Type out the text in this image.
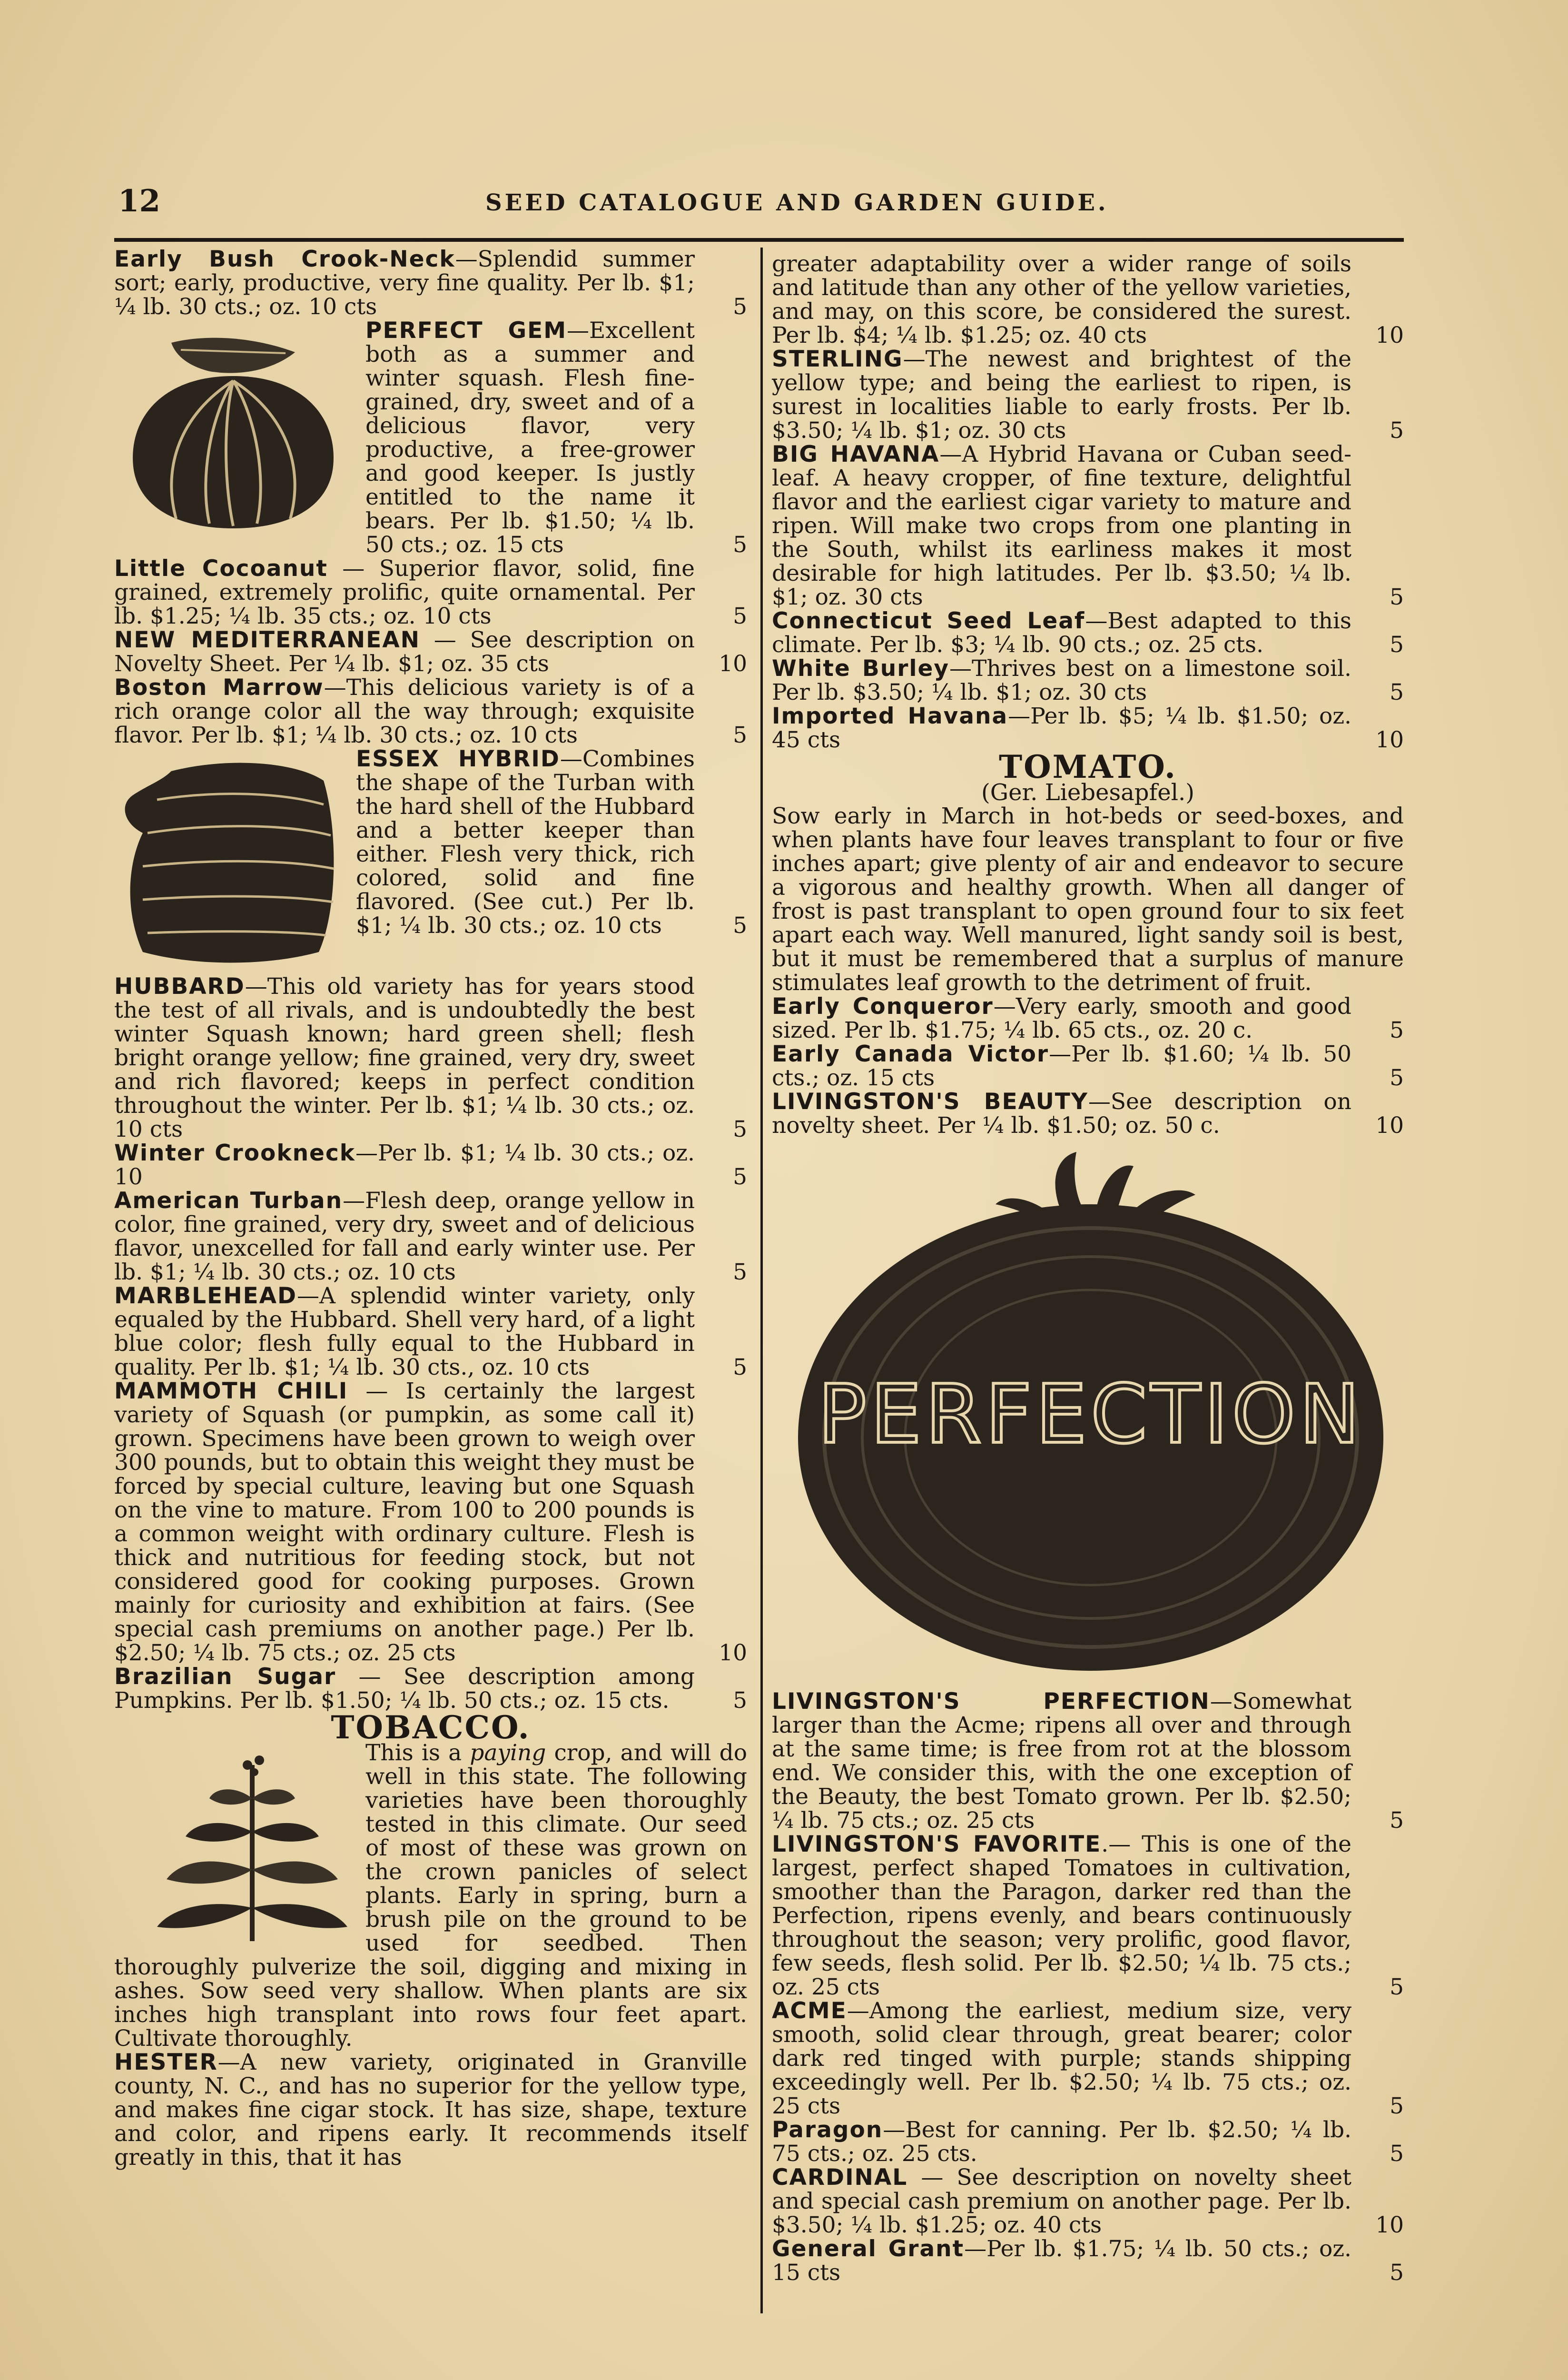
12	SEED CATALOGUE AND GARDEN GUIDE.

Early Bush Crook-Neck—Splendid summer sort; early, productive, very fine quality. Per lb. $1; ¼ lb. 30 cts.; oz. 10 cts	5

PERFECT GEM—Excellent both as a summer and winter squash. Flesh fine-grained, dry, sweet and of a delicious flavor, very productive, a free-grower and good keeper. Is justly entitled to the name it bears. Per lb. $1.50; ¼ lb. 50 cts.; oz. 15 cts	5

Little Cocoanut — Superior flavor, solid, fine grained, extremely prolific, quite ornamental. Per lb. $1.25; ¼ lb. 35 cts.; oz. 10 cts	5

NEW MEDITERRANEAN — See description on Novelty Sheet. Per ¼ lb. $1; oz. 35 cts	10

Boston Marrow—This delicious variety is of a rich orange color all the way through; exquisite flavor. Per lb. $1; ¼ lb. 30 cts.; oz. 10 cts	5

ESSEX HYBRID—Combines the shape of the Turban with the hard shell of the Hubbard and a better keeper than either. Flesh very thick, rich colored, solid and fine flavored. (See cut.) Per lb. $1; ¼ lb. 30 cts.; oz. 10 cts	5

HUBBARD—This old variety has for years stood the test of all rivals, and is undoubtedly the best winter Squash known; hard green shell; flesh bright orange yellow; fine grained, very dry, sweet and rich flavored; keeps in perfect condition throughout the winter. Per lb. $1; ¼ lb. 30 cts.; oz. 10 cts	5

Winter Crookneck—Per lb. $1; ¼ lb. 30 cts.; oz. 10	5

American Turban—Flesh deep, orange yellow in color, fine grained, very dry, sweet and of delicious flavor, unexcelled for fall and early winter use. Per lb. $1; ¼ lb. 30 cts.; oz. 10 cts	5

MARBLEHEAD—A splendid winter variety, only equaled by the Hubbard. Shell very hard, of a light blue color; flesh fully equal to the Hubbard in quality. Per lb. $1; ¼ lb. 30 cts., oz. 10 cts	5

MAMMOTH CHILI — Is certainly the largest variety of Squash (or pumpkin, as some call it) grown. Specimens have been grown to weigh over 300 pounds, but to obtain this weight they must be forced by special culture, leaving but one Squash on the vine to mature. From 100 to 200 pounds is a common weight with ordinary culture. Flesh is thick and nutritious for feeding stock, but not considered good for cooking purposes. Grown mainly for curiosity and exhibition at fairs. (See special cash premiums on another page.) Per lb. $2.50; ¼ lb. 75 cts.; oz. 25 cts	10

Brazilian Sugar — See description among Pumpkins. Per lb. $1.50; ¼ lb. 50 cts.; oz. 15 cts.	5

TOBACCO.

This is a paying crop, and will do well in this state. The following varieties have been thoroughly tested in this climate. Our seed of most of these was grown on the crown panicles of select plants. Early in spring, burn a brush pile on the ground to be used for seedbed. Then thoroughly pulverize the soil, digging and mixing in ashes. Sow seed very shallow. When plants are six inches high transplant into rows four feet apart. Cultivate thoroughly.

HESTER—A new variety, originated in Granville county, N. C., and has no superior for the yellow type, and makes fine cigar stock. It has size, shape, texture and color, and ripens early. It recommends itself greatly in this, that it has

greater adaptability over a wider range of soils and latitude than any other of the yellow varieties, and may, on this score, be considered the surest. Per lb. $4; ¼ lb. $1.25; oz. 40 cts	10

STERLING—The newest and brightest of the yellow type; and being the earliest to ripen, is surest in localities liable to early frosts. Per lb. $3.50; ¼ lb. $1; oz. 30 cts	5

BIG HAVANA—A Hybrid Havana or Cuban seed-leaf. A heavy cropper, of fine texture, delightful flavor and the earliest cigar variety to mature and ripen. Will make two crops from one planting in the South, whilst its earliness makes it most desirable for high latitudes. Per lb. $3.50; ¼ lb. $1; oz. 30 cts	5

Connecticut Seed Leaf—Best adapted to this climate. Per lb. $3; ¼ lb. 90 cts.; oz. 25 cts.	5

White Burley—Thrives best on a limestone soil. Per lb. $3.50; ¼ lb. $1; oz. 30 cts	5

Imported Havana—Per lb. $5; ¼ lb. $1.50; oz. 45 cts	10

TOMATO.
(Ger. Liebesapfel.)

Sow early in March in hot-beds or seed-boxes, and when plants have four leaves transplant to four or five inches apart; give plenty of air and endeavor to secure a vigorous and healthy growth. When all danger of frost is past transplant to open ground four to six feet apart each way. Well manured, light sandy soil is best, but it must be remembered that a surplus of manure stimulates leaf growth to the detriment of fruit.

Early Conqueror—Very early, smooth and good sized. Per lb. $1.75; ¼ lb. 65 cts., oz. 20 c.	5

Early Canada Victor—Per lb. $1.60; ¼ lb. 50 cts.; oz. 15 cts	5

LIVINGSTON'S BEAUTY—See description on novelty sheet. Per ¼ lb. $1.50; oz. 50 c.	10

PERFECTION

LIVINGSTON'S PERFECTION—Somewhat larger than the Acme; ripens all over and through at the same time; is free from rot at the blossom end. We consider this, with the one exception of the Beauty, the best Tomato grown. Per lb. $2.50; ¼ lb. 75 cts.; oz. 25 cts	5

LIVINGSTON'S FAVORITE.— This is one of the largest, perfect shaped Tomatoes in cultivation, smoother than the Paragon, darker red than the Perfection, ripens evenly, and bears continuously throughout the season; very prolific, good flavor, few seeds, flesh solid. Per lb. $2.50; ¼ lb. 75 cts.; oz. 25 cts	5

ACME—Among the earliest, medium size, very smooth, solid clear through, great bearer; color dark red tinged with purple; stands shipping exceedingly well. Per lb. $2.50; ¼ lb. 75 cts.; oz. 25 cts	5

Paragon—Best for canning. Per lb. $2.50; ¼ lb. 75 cts.; oz. 25 cts.	5

CARDINAL — See description on novelty sheet and special cash premium on another page. Per lb. $3.50; ¼ lb. $1.25; oz. 40 cts	10

General Grant—Per lb. $1.75; ¼ lb. 50 cts.; oz. 15 cts	5
